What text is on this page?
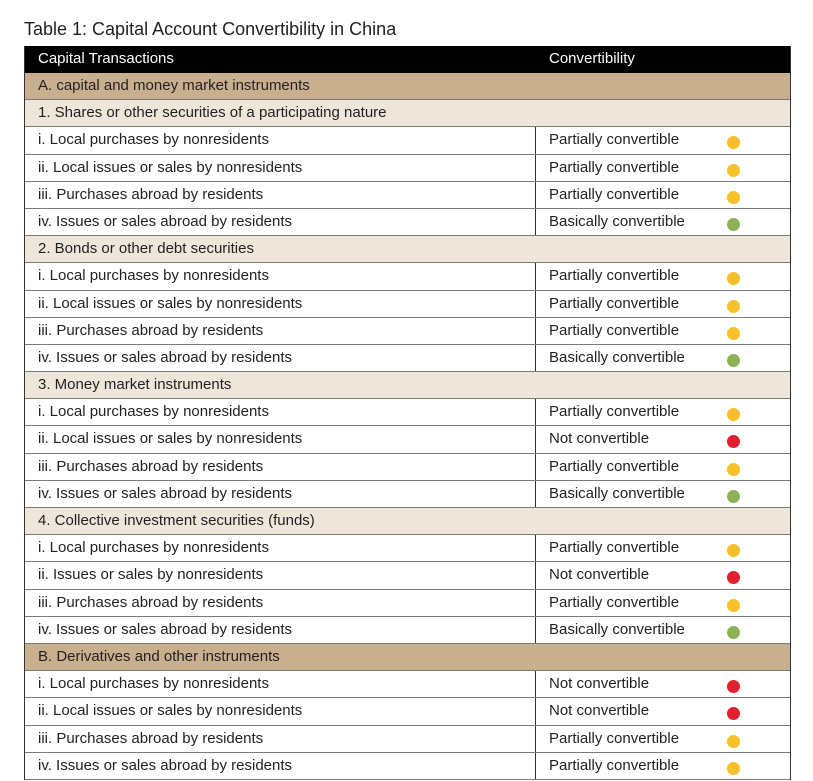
Table 1: Capital Account Convertibility in China
Capital Transactions	Convertibility
A. capital and money market instruments
1. Shares or other securities of a participating nature
i. Local purchases by nonresidents	Partially convertible
ii. Local issues or sales by nonresidents	Partially convertible
iii. Purchases abroad by residents	Partially convertible
iv. Issues or sales abroad by residents	Basically convertible
2. Bonds or other debt securities
i. Local purchases by nonresidents	Partially convertible
ii. Local issues or sales by nonresidents	Partially convertible
iii. Purchases abroad by residents	Partially convertible
iv. Issues or sales abroad by residents	Basically convertible
3. Money market instruments
i. Local purchases by nonresidents	Partially convertible
ii. Local issues or sales by nonresidents	Not convertible
iii. Purchases abroad by residents	Partially convertible
iv. Issues or sales abroad by residents	Basically convertible
4. Collective investment securities (funds)
i. Local purchases by nonresidents	Partially convertible
ii. Issues or sales by nonresidents	Not convertible
iii. Purchases abroad by residents	Partially convertible
iv. Issues or sales abroad by residents	Basically convertible
B. Derivatives and other instruments
i. Local purchases by nonresidents	Not convertible
ii. Local issues or sales by nonresidents	Not convertible
iii. Purchases abroad by residents	Partially convertible
iv. Issues or sales abroad by residents	Partially convertible
